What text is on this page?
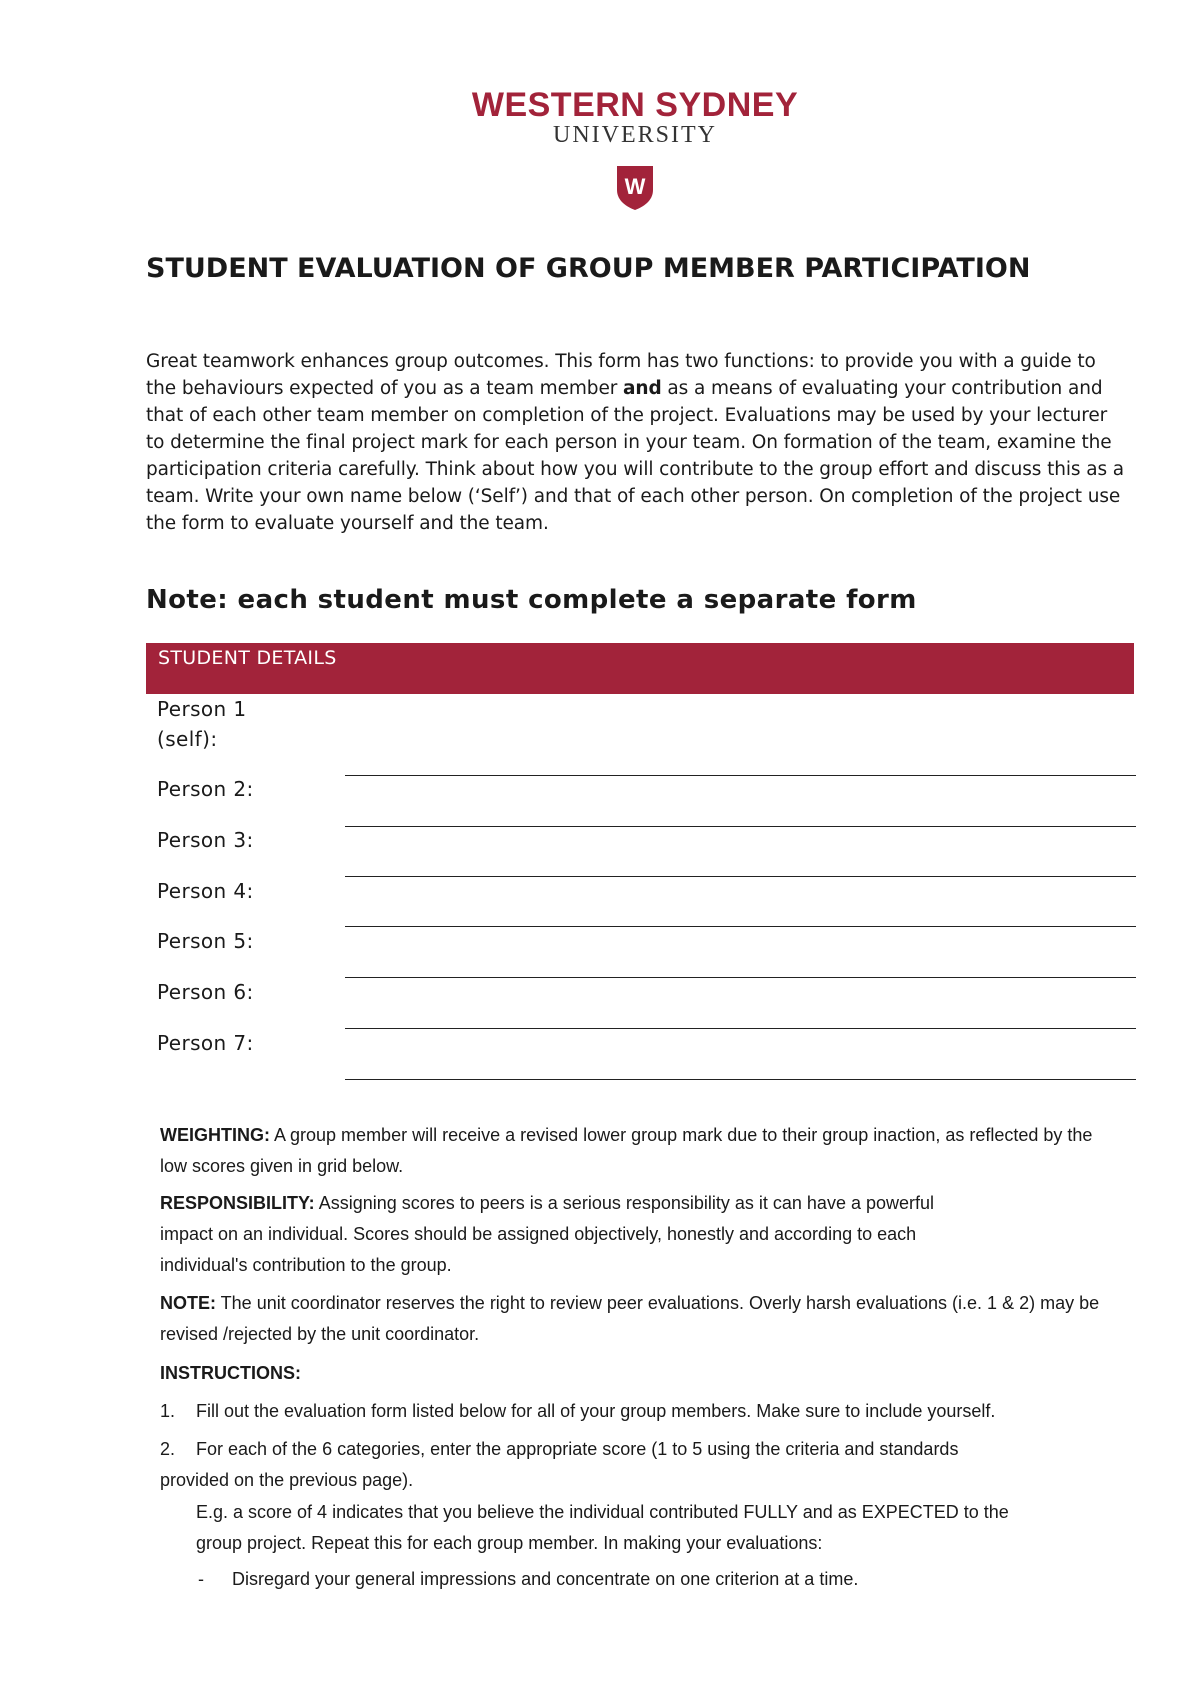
WESTERN SYDNEY
UNIVERSITY
W
STUDENT EVALUATION OF GROUP MEMBER PARTICIPATION

Great teamwork enhances group outcomes. This form has two functions: to provide you with a guide to the behaviours expected of you as a team member and as a means of evaluating your contribution and that of each other team member on completion of the project. Evaluations may be used by your lecturer to determine the final project mark for each person in your team. On formation of the team, examine the participation criteria carefully. Think about how you will contribute to the group effort and discuss this as a team. Write your own name below (‘Self’) and that of each other person. On completion of the project use the form to evaluate yourself and the team.

Note: each student must complete a separate form

STUDENT DETAILS
Person 1
(self):
Person 2:
Person 3:
Person 4:
Person 5:
Person 6:
Person 7:

WEIGHTING: A group member will receive a revised lower group mark due to their group inaction, as reflected by the low scores given in grid below.

RESPONSIBILITY: Assigning scores to peers is a serious responsibility as it can have a powerful
impact on an individual. Scores should be assigned objectively, honestly and according to each
individual's contribution to the group.

NOTE: The unit coordinator reserves the right to review peer evaluations. Overly harsh evaluations (i.e. 1 & 2) may be revised /rejected by the unit coordinator.

INSTRUCTIONS:
1. Fill out the evaluation form listed below for all of your group members. Make sure to include yourself.
2. For each of the 6 categories, enter the appropriate score (1 to 5 using the criteria and standards
provided on the previous page).
E.g. a score of 4 indicates that you believe the individual contributed FULLY and as EXPECTED to the
group project. Repeat this for each group member. In making your evaluations:
- Disregard your general impressions and concentrate on one criterion at a time.
